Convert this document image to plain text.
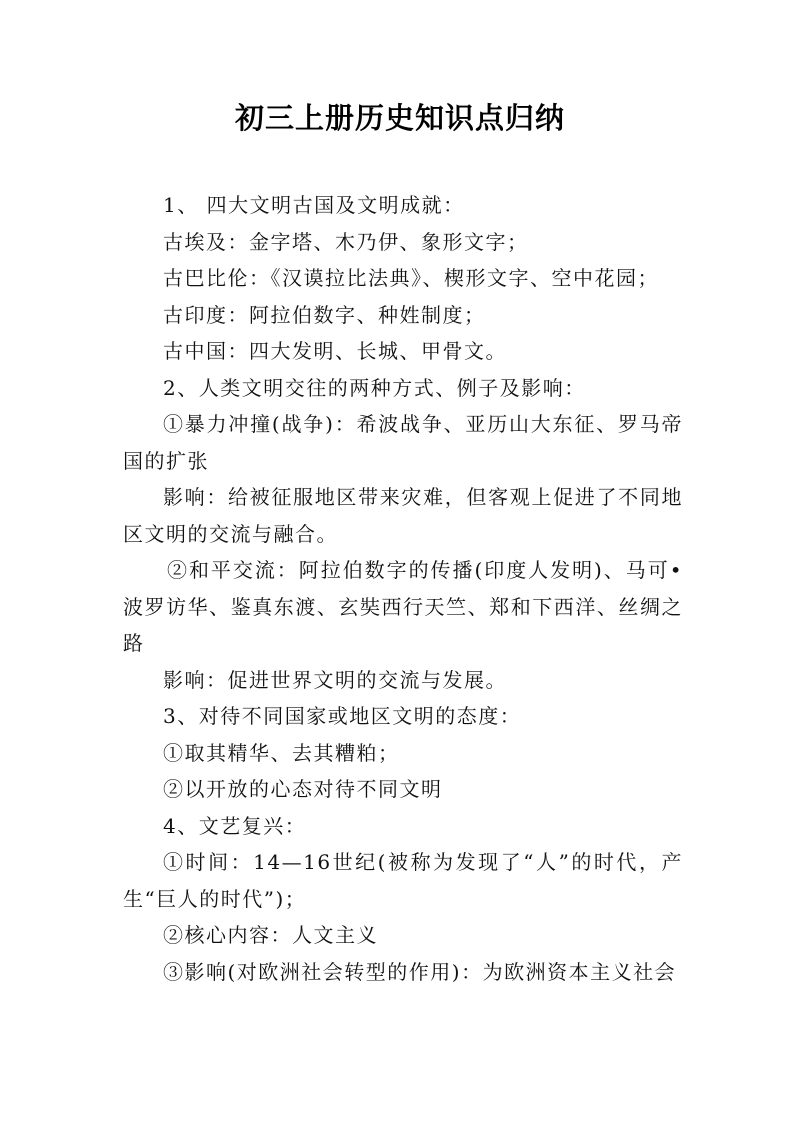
初三上册历史知识点归纳

1、 四大文明古国及文明成就：

古埃及：金字塔、木乃伊、象形文字；

古巴比伦：《汉谟拉比法典》、楔形文字、空中花园；

古印度：阿拉伯数字、种姓制度；

古中国：四大发明、长城、甲骨文。

2、人类文明交往的两种方式、例子及影响：

①暴力冲撞(战争)：希波战争、亚历山大东征、罗马帝国的扩张

影响：给被征服地区带来灾难，但客观上促进了不同地区文明的交流与融合。

②和平交流：阿拉伯数字的传播(印度人发明)、马可•波罗访华、鉴真东渡、玄奘西行天竺、郑和下西洋、丝绸之路

影响：促进世界文明的交流与发展。

3、对待不同国家或地区文明的态度：

①取其精华、去其糟粕；

②以开放的心态对待不同文明

4、文艺复兴：

①时间：14—16世纪(被称为发现了“人”的时代，产生“巨人的时代”)；

②核心内容：人文主义

③影响(对欧洲社会转型的作用)：为欧洲资本主义社会
